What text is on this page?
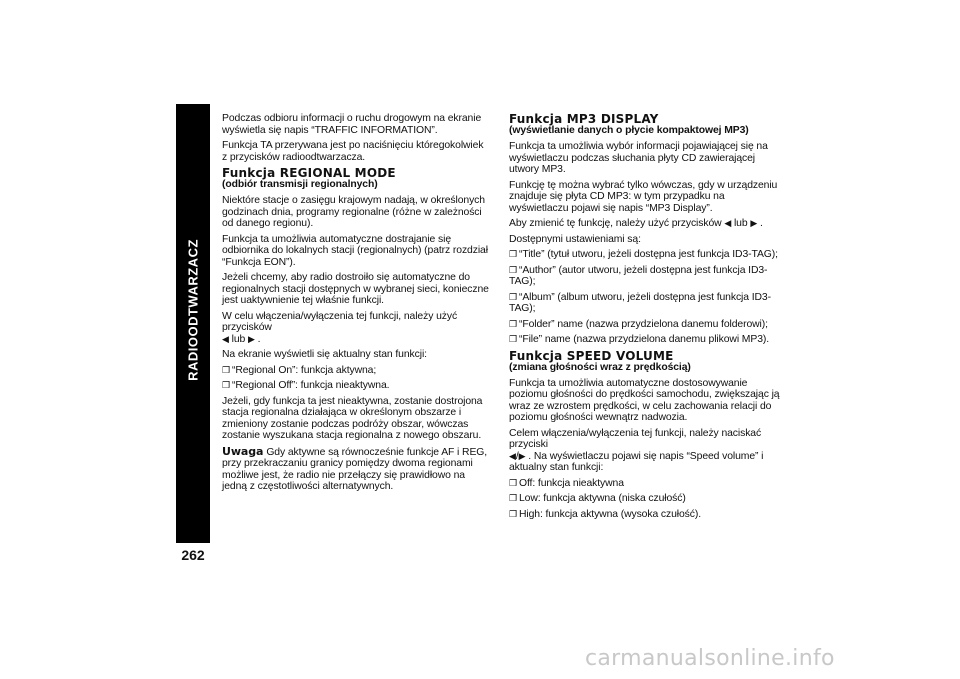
RADIOODTWARZACZ
262

Podczas odbioru informacji o ruchu drogowym na ekranie wyświetla się napis “TRAFFIC INFORMATION”.

Funkcja TA przerywana jest po naciśnięciu któregokolwiek z przycisków radioodtwarzacza.

Funkcja REGIONAL MODE
(odbiór transmisji regionalnych)

Niektóre stacje o zasięgu krajowym nadają, w określonych godzinach dnia, programy regionalne (różne w zależności od danego regionu).

Funkcja ta umożliwia automatyczne dostrajanie się odbiornika do lokalnych stacji (regionalnych) (patrz rozdział “Funkcja EON”).

Jeżeli chcemy, aby radio dostroiło się automatyczne do regionalnych stacji dostępnych w wybranej sieci, konieczne jest uaktywnienie tej właśnie funkcji.

W celu włączenia/wyłączenia tej funkcji, należy użyć przycisków
◀ lub ▶ .

Na ekranie wyświetli się aktualny stan funkcji:

❒ “Regional On”: funkcja aktywna;
❒ “Regional Off”: funkcja nieaktywna.

Jeżeli, gdy funkcja ta jest nieaktywna, zostanie dostrojona stacja regionalna działająca w określonym obszarze i zmieniony zostanie podczas podróży obszar, wówczas zostanie wyszukana stacja regionalna z nowego obszaru.

Uwaga Gdy aktywne są równocześnie funkcje AF i REG, przy przekraczaniu granicy pomiędzy dwoma regionami możliwe jest, że radio nie przełączy się prawidłowo na jedną z częstotliwości alternatywnych.

Funkcja MP3 DISPLAY
(wyświetlanie danych o płycie kompaktowej MP3)

Funkcja ta umożliwia wybór informacji pojawiającej się na wyświetlaczu podczas słuchania płyty CD zawierającej utwory MP3.

Funkcję tę można wybrać tylko wówczas, gdy w urządzeniu znajduje się płyta CD MP3: w tym przypadku na wyświetlaczu pojawi się napis “MP3 Display”.

Aby zmienić tę funkcję, należy użyć przycisków ◀ lub ▶ .

Dostępnymi ustawieniami są:

❒ “Title” (tytuł utworu, jeżeli dostępna jest funkcja ID3-TAG);
❒ “Author” (autor utworu, jeżeli dostępna jest funkcja ID3-TAG);
❒ “Album” (album utworu, jeżeli dostępna jest funkcja ID3-TAG);
❒ “Folder” name (nazwa przydzielona danemu folderowi);
❒ “File” name (nazwa przydzielona danemu plikowi MP3).
Funkcja SPEED VOLUME
(zmiana głośności wraz z prędkością)

Funkcja ta umożliwia automatyczne dostosowywanie poziomu głośności do prędkości samochodu, zwiększając ją wraz ze wzrostem prędkości, w celu zachowania relacji do poziomu głośności wewnątrz nadwozia.

Celem włączenia/wyłączenia tej funkcji, należy naciskać przyciski
◀/▶ . Na wyświetlaczu pojawi się napis “Speed volume” i aktualny stan funkcji:

❒ Off: funkcja nieaktywna
❒ Low: funkcja aktywna (niska czułość)
❒ High: funkcja aktywna (wysoka czułość).
carmanualsonline.info
